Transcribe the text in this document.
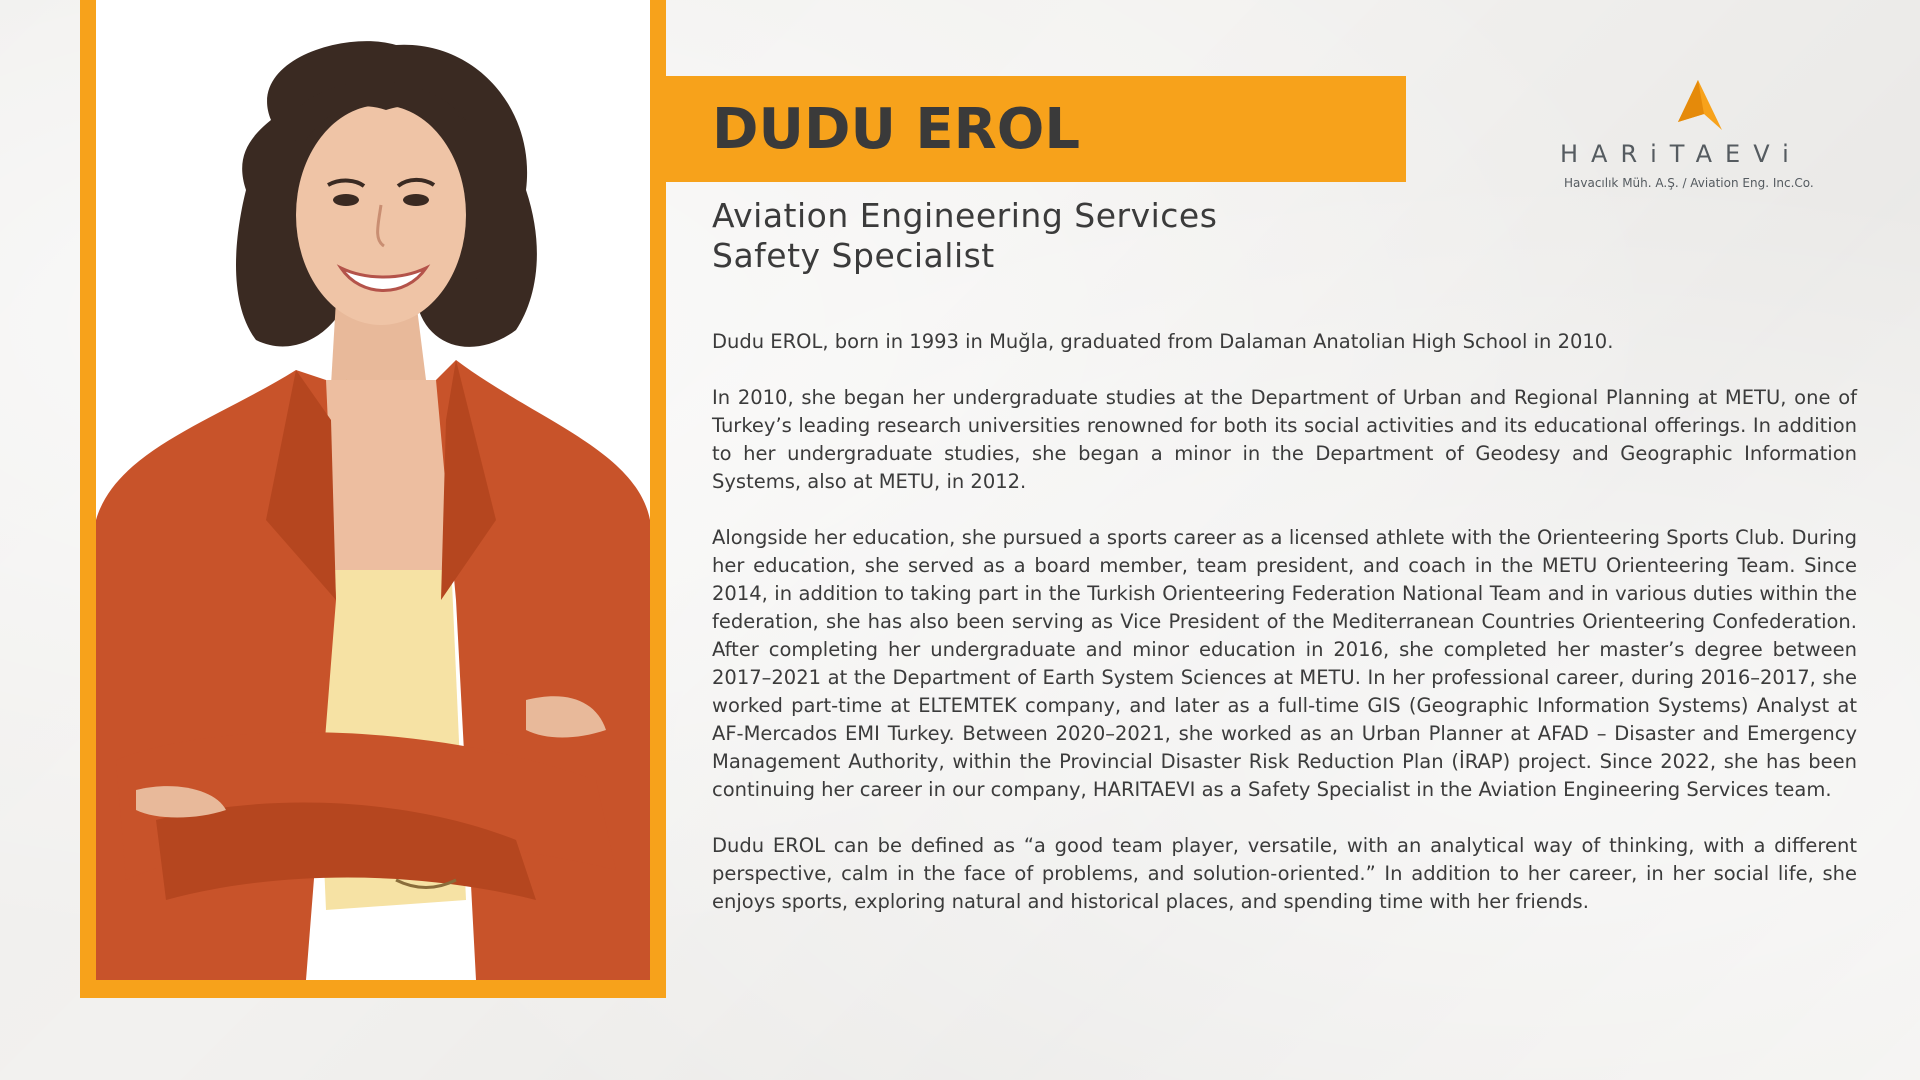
DUDU EROL
Aviation Engineering Services
Safety Specialist
HARiTAEVi
Havacılık Müh. A.Ş. / Aviation Eng. Inc.Co.

Dudu EROL, born in 1993 in Muğla, graduated from Dalaman Anatolian High School in 2010.

In 2010, she began her undergraduate studies at the Department of Urban and Regional Planning at METU, one of Turkey’s leading research universities renowned for both its social activities and its educational offerings. In addition to her undergraduate studies, she began a minor in the Department of Geodesy and Geographic Information Systems, also at METU, in 2012.

Alongside her education, she pursued a sports career as a licensed athlete with the Orienteering Sports Club. During her education, she served as a board member, team president, and coach in the METU Orienteering Team. Since 2014, in addition to taking part in the Turkish Orienteering Federation National Team and in various duties within the federation, she has also been serving as Vice President of the Mediterranean Countries Orienteering Confederation. After completing her undergraduate and minor education in 2016, she completed her master’s degree between 2017–2021 at the Department of Earth System Sciences at METU. In her professional career, during 2016–2017, she worked part-time at ELTEMTEK company, and later as a full-time GIS (Geographic Information Systems) Analyst at AF-Mercados EMI Turkey. Between 2020–2021, she worked as an Urban Planner at AFAD – Disaster and Emergency Management Authority, within the Provincial Disaster Risk Reduction Plan (İRAP) project. Since 2022, she has been continuing her career in our company, HARITAEVI as a Safety Specialist in the Aviation Engineering Services team.

Dudu EROL can be defined as “a good team player, versatile, with an analytical way of thinking, with a different perspective, calm in the face of problems, and solution-oriented.” In addition to her career, in her social life, she enjoys sports, exploring natural and historical places, and spending time with her friends.
